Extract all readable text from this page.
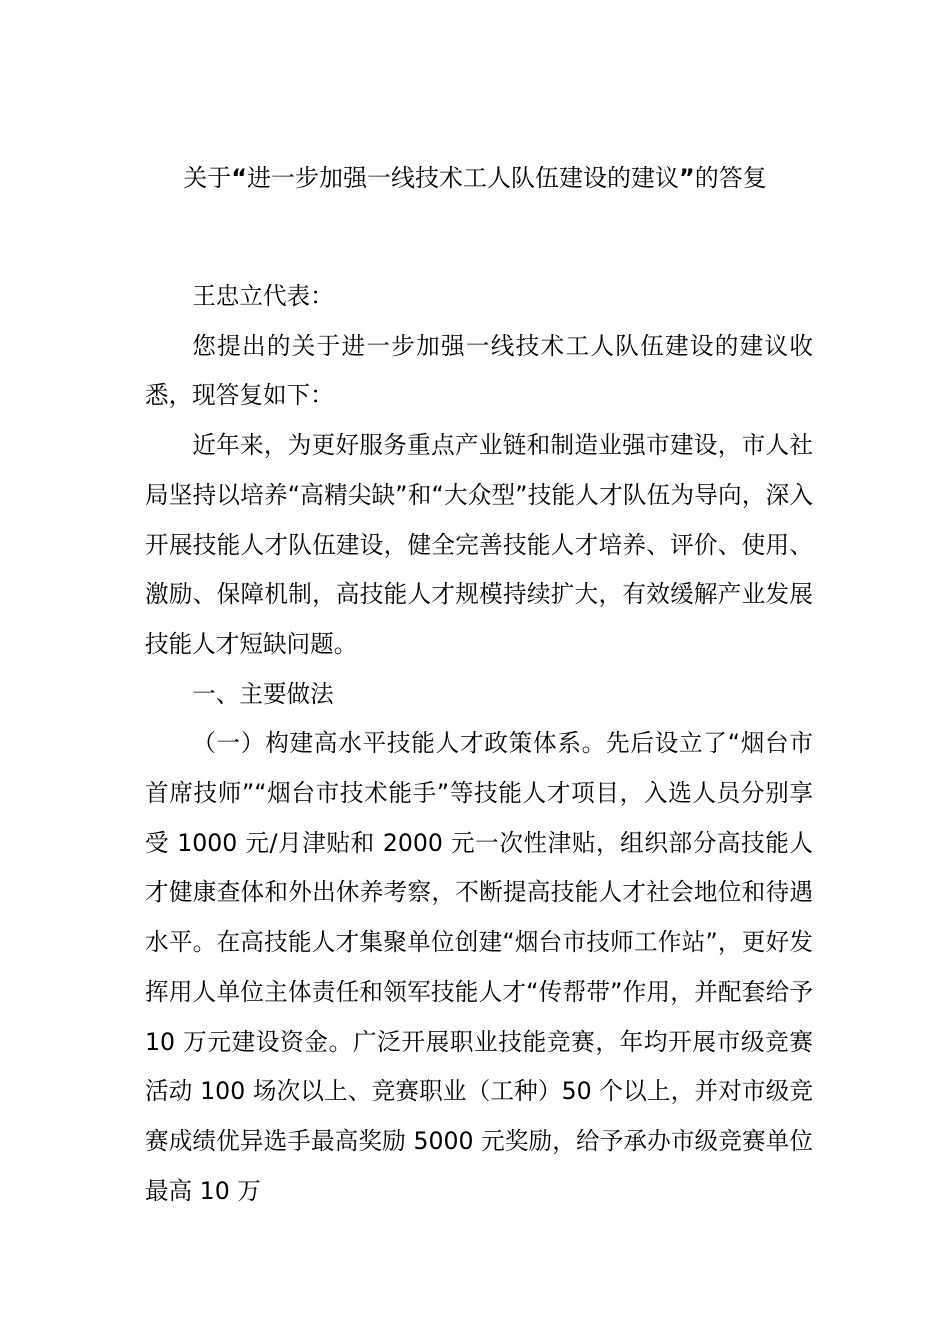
关于“进一步加强一线技术工人队伍建设的建议”的答复

王忠立代表：

您提出的关于进一步加强一线技术工人队伍建设的建议收悉，现答复如下：

近年来，为更好服务重点产业链和制造业强市建设，市人社局坚持以培养“高精尖缺”和“大众型”技能人才队伍为导向，深入开展技能人才队伍建设，健全完善技能人才培养、评价、使用、激励、保障机制，高技能人才规模持续扩大，有效缓解产业发展技能人才短缺问题。

一、主要做法

（一）构建高水平技能人才政策体系。先后设立了“烟台市首席技师”“烟台市技术能手”等技能人才项目，入选人员分别享受 1000 元/月津贴和 2000 元一次性津贴，组织部分高技能人才健康查体和外出休养考察，不断提高技能人才社会地位和待遇水平。在高技能人才集聚单位创建“烟台市技师工作站”，更好发挥用人单位主体责任和领军技能人才“传帮带”作用，并配套给予 10 万元建设资金。广泛开展职业技能竞赛，年均开展市级竞赛活动 100 场次以上、竞赛职业（工种）50 个以上，并对市级竞赛成绩优异选手最高奖励 5000 元奖励，给予承办市级竞赛单位最高 10 万
